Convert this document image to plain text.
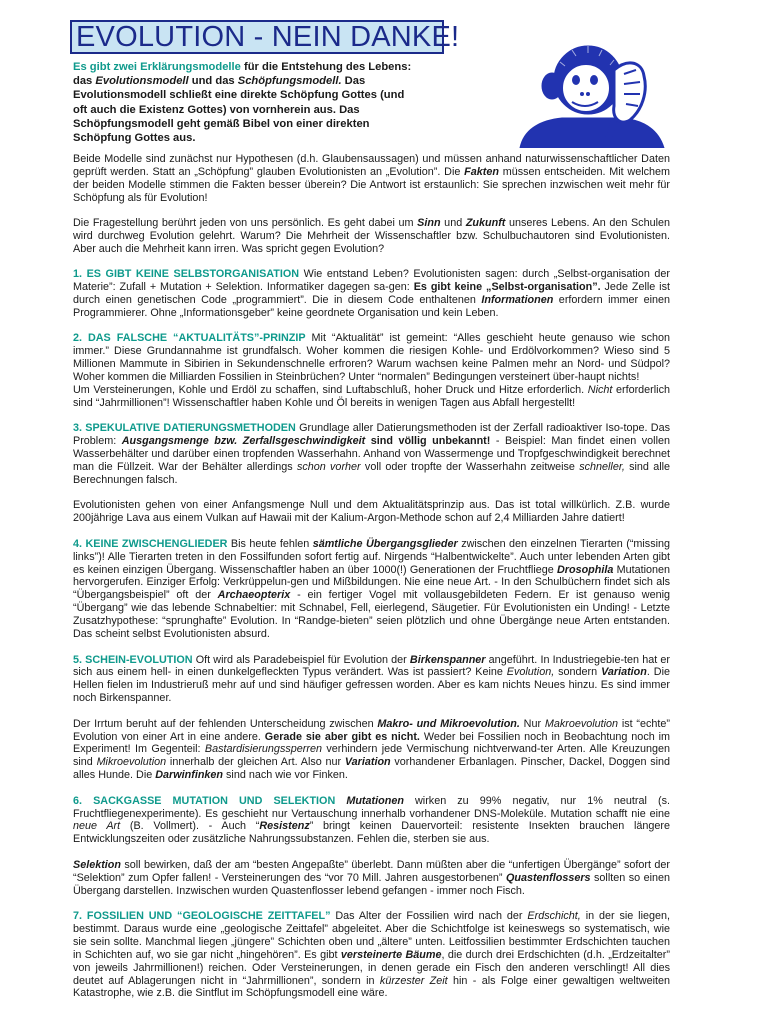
EVOLUTION - NEIN DANKE!
Es gibt zwei Erklärungsmodelle für die Entstehung des Lebens: das Evolutionsmodell und das Schöpfungsmodell. Das Evolutionsmodell schließt eine direkte Schöpfung Gottes (und oft auch die Existenz Gottes) von vornherein aus. Das Schöpfungsmodell geht gemäß Bibel von einer direkten Schöpfung Gottes aus.

Beide Modelle sind zunächst nur Hypothesen (d.h. Glaubensaussagen) und müssen anhand naturwissenschaftlicher Daten geprüft werden. Statt an „Schöpfung” glauben Evolutionisten an „Evolution”. Die Fakten müssen entscheiden. Mit welchem der beiden Modelle stimmen die Fakten besser überein? Die Antwort ist erstaunlich: Sie sprechen inzwischen weit mehr für Schöpfung als für Evolution!

Die Fragestellung berührt jeden von uns persönlich. Es geht dabei um Sinn und Zukunft unseres Lebens. An den Schulen wird durchweg Evolution gelehrt. Warum? Die Mehrheit der Wissenschaftler bzw. Schulbuchautoren sind Evolutionisten. Aber auch die Mehrheit kann irren. Was spricht gegen Evolution?

1. ES GIBT KEINE SELBSTORGANISATION Wie entstand Leben? Evolutionisten sagen: durch „Selbst-organisation der Materie”: Zufall + Mutation + Selektion. Informatiker dagegen sa-gen: Es gibt keine „Selbst-organisation”. Jede Zelle ist durch einen genetischen Code „programmiert”. Die in diesem Code enthaltenen Informationen erfordern immer einen Programmierer. Ohne „Informationsgeber” keine geordnete Organisation und kein Leben.

2. DAS FALSCHE “AKTUALITÄTS”-PRINZIP Mit “Aktualität” ist gemeint: “Alles geschieht heute genauso wie schon immer.” Diese Grundannahme ist grundfalsch. Woher kommen die riesigen Kohle- und Erdölvorkommen? Wieso sind 5 Millionen Mammute in Sibirien in Sekundenschnelle erfroren? Warum wachsen keine Palmen mehr an Nord- und Südpol? Woher kommen die Milliarden Fossilien in Steinbrüchen? Unter “normalen” Bedingungen versteinert über-haupt nichts!
Um Versteinerungen, Kohle und Erdöl zu schaffen, sind Luftabschluß, hoher Druck und Hitze erforderlich. Nicht erforderlich sind “Jahrmillionen”! Wissenschaftler haben Kohle und Öl bereits in wenigen Tagen aus Abfall hergestellt!

3. SPEKULATIVE DATIERUNGSMETHODEN Grundlage aller Datierungsmethoden ist der Zerfall radioaktiver Iso-tope. Das Problem: Ausgangsmenge bzw. Zerfallsgeschwindigkeit sind völlig unbekannt! - Beispiel: Man findet einen vollen Wasserbehälter und darüber einen tropfenden Wasserhahn. Anhand von Wassermenge und Tropfgeschwindigkeit berechnet man die Füllzeit. War der Behälter allerdings schon vorher voll oder tropfte der Wasserhahn zeitweise schneller, sind alle Berechnungen falsch.

Evolutionisten gehen von einer Anfangsmenge Null und dem Aktualitätsprinzip aus. Das ist total willkürlich. Z.B. wurde 200jährige Lava aus einem Vulkan auf Hawaii mit der Kalium-Argon-Methode schon auf 2,4 Milliarden Jahre datiert!

4. KEINE ZWISCHENGLIEDER Bis heute fehlen sämtliche Übergangsglieder zwischen den einzelnen Tierarten (“missing links”)! Alle Tierarten treten in den Fossilfunden sofort fertig auf. Nirgends “Halbentwickelte”. Auch unter lebenden Arten gibt es keinen einzigen Übergang. Wissenschaftler haben an über 1000(!) Generationen der Fruchtfliege Drosophila Mutationen hervorgerufen. Einziger Erfolg: Verkrüppelun-gen und Mißbildungen. Nie eine neue Art. - In den Schulbüchern findet sich als “Übergangsbeispiel” oft der Archaeopterix - ein fertiger Vogel mit vollausgebildeten Federn. Er ist genauso wenig “Übergang” wie das lebende Schnabeltier: mit Schnabel, Fell, eierlegend, Säugetier. Für Evolutionisten ein Unding! - Letzte Zusatzhypothese: “sprunghafte” Evolution. In “Randge-bieten” seien plötzlich und ohne Übergänge neue Arten entstanden. Das scheint selbst Evolutionisten absurd.

5. SCHEIN-EVOLUTION Oft wird als Paradebeispiel für Evolution der Birkenspanner angeführt. In Industriegebie-ten hat er sich aus einem hell- in einen dunkelgefleckten Typus verändert. Was ist passiert? Keine Evolution, sondern Variation. Die Hellen fielen im Industrieruß mehr auf und sind häufiger gefressen worden. Aber es kam nichts Neues hinzu. Es sind immer noch Birkenspanner.

Der Irrtum beruht auf der fehlenden Unterscheidung zwischen Makro- und Mikroevolution. Nur Makroevolution ist “echte” Evolution von einer Art in eine andere. Gerade sie aber gibt es nicht. Weder bei Fossilien noch in Beobachtung noch im Experiment! Im Gegenteil: Bastardisierungssperren verhindern jede Vermischung nichtverwand-ter Arten. Alle Kreuzungen sind Mikroevolution innerhalb der gleichen Art. Also nur Variation vorhandener Erbanlagen. Pinscher, Dackel, Doggen sind alles Hunde. Die Darwinfinken sind nach wie vor Finken.

6. SACKGASSE MUTATION UND SELEKTION Mutationen wirken zu 99% negativ, nur 1% neutral (s. Fruchtfliegenexperimente). Es geschieht nur Vertauschung innerhalb vorhandener DNS-Moleküle. Mutation schafft nie eine neue Art (B. Vollmert). - Auch “Resistenz” bringt keinen Dauervorteil: resistente Insekten brauchen längere Entwicklungszeiten oder zusätzliche Nahrungssubstanzen. Fehlen die, sterben sie aus.

Selektion soll bewirken, daß der am “besten Angepaßte” überlebt. Dann müßten aber die “unfertigen Übergänge” sofort der “Selektion” zum Opfer fallen! - Versteinerungen des “vor 70 Mill. Jahren ausgestorbenen” Quastenflossers sollten so einen Übergang darstellen. Inzwischen wurden Quastenflosser lebend gefangen - immer noch Fisch.

7. FOSSILIEN UND “GEOLOGISCHE ZEITTAFEL” Das Alter der Fossilien wird nach der Erdschicht, in der sie liegen, bestimmt. Daraus wurde eine „geologische Zeittafel” abgeleitet. Aber die Schichtfolge ist keineswegs so systematisch, wie sie sein sollte. Manchmal liegen „jüngere” Schichten oben und „ältere” unten. Leitfossilien bestimmter Erdschichten tauchen in Schichten auf, wo sie gar nicht „hingehören”. Es gibt versteinerte Bäume, die durch drei Erdschichten (d.h. „Erdzeitalter” von jeweils Jahrmillionen!) reichen. Oder Versteinerungen, in denen gerade ein Fisch den anderen verschlingt! All dies deutet auf Ablagerungen nicht in “Jahrmillionen”, sondern in kürzester Zeit hin - als Folge einer gewaltigen weltweiten Katastrophe, wie z.B. die Sintflut im Schöpfungsmodell eine wäre.
